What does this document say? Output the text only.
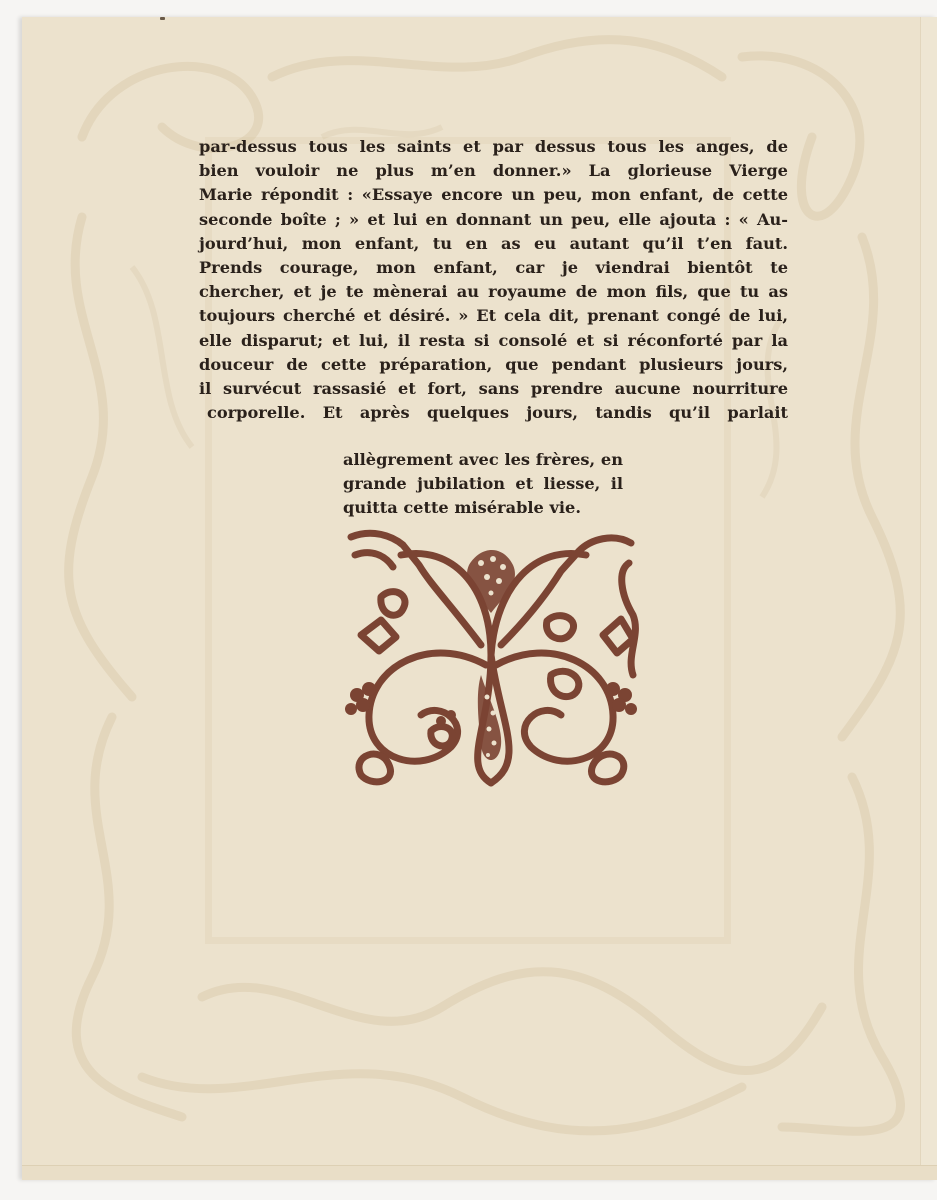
par-dessus tous les saints et par dessus tous les anges, de
bien vouloir ne plus m’en donner.» La glorieuse Vierge
Marie répondit : «Essaye encore un peu, mon enfant, de cette
seconde boîte ; » et lui en donnant un peu, elle ajouta : « Au-
jourd’hui, mon enfant, tu en as eu autant qu’il t’en faut.
Prends courage, mon enfant, car je viendrai bientôt te
chercher, et je te mènerai au royaume de mon fils, que tu as
toujours cherché et désiré. » Et cela dit, prenant congé de lui,
elle disparut; et lui, il resta si consolé et si réconforté par la
douceur de cette préparation, que pendant plusieurs jours,
il survécut rassasié et fort, sans prendre aucune nourriture
corporelle. Et après quelques jours, tandis qu’il parlait
allègrement avec les frères, en
grande jubilation et liesse, il
quitta cette misérable vie.
